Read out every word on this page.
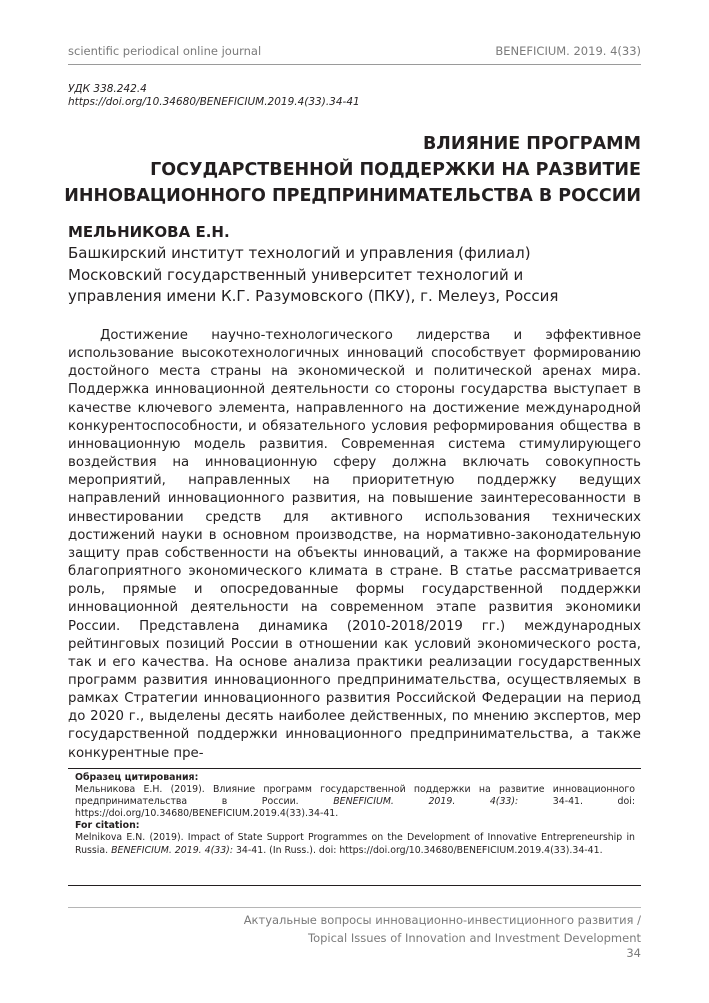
scientific periodical online journal	BENEFICIUM. 2019. 4(33)
УДК 338.242.4
https://doi.org/10.34680/BENEFICIUM.2019.4(33).34-41
ВЛИЯНИЕ ПРОГРАММ
ГОСУДАРСТВЕННОЙ ПОДДЕРЖКИ НА РАЗВИТИЕ
ИННОВАЦИОННОГО ПРЕДПРИНИМАТЕЛЬСТВА В РОССИИ
МЕЛЬНИКОВА Е.Н.
Башкирский институт технологий и управления (филиал)
Московский государственный университет технологий и
управления имени К.Г. Разумовского (ПКУ), г. Мелеуз, Россия

Достижение научно-технологического лидерства и эффективное использование высокотехнологичных инноваций способствует формированию достойного места страны на экономической и политической аренах мира. Поддержка инновационной деятельности со стороны государства выступает в качестве ключевого элемента, направленного на достижение международной конкурентоспособности, и обязательного условия реформирования общества в инновационную модель развития. Современная система стимулирующего воздействия на инновационную сферу должна включать совокупность мероприятий, направленных на приоритетную поддержку ведущих направлений инновационного развития, на повышение заинтересованности в инвестировании средств для активного использования технических достижений науки в основном производстве, на нормативно-законодательную защиту прав собственности на объекты инноваций, а также на формирование благоприятного экономического климата в стране. В статье рассматривается роль, прямые и опосредованные формы государственной поддержки инновационной деятельности на современном этапе развития экономики России. Представлена динамика (2010-2018/2019 гг.) международных рейтинговых позиций России в отношении как условий экономического роста, так и его качества. На основе анализа практики реализации государственных программ развития инновационного предпринимательства, осуществляемых в рамках Стратегии инновационного развития Российской Федерации на период до 2020 г., выделены десять наиболее действенных, по мнению экспертов, мер государственной поддержки инновационного предпринимательства, а также конкурентные пре-

Образец цитирования:
Мельникова Е.Н. (2019). Влияние программ государственной поддержки на развитие инновационного предпринимательства в России. BENEFICIUM. 2019. 4(33): 34-41. doi: https://doi.org/10.34680/BENEFICIUM.2019.4(33).34-41.
For citation:
Melnikova E.N. (2019). Impact of State Support Programmes on the Development of Innovative Entrepreneurship in Russia. BENEFICIUM. 2019. 4(33): 34-41. (In Russ.). doi: https://doi.org/10.34680/BENEFICIUM.2019.4(33).34-41.
Актуальные вопросы инновационно-инвестиционного развития /
Topical Issues of Innovation and Investment Development
34
